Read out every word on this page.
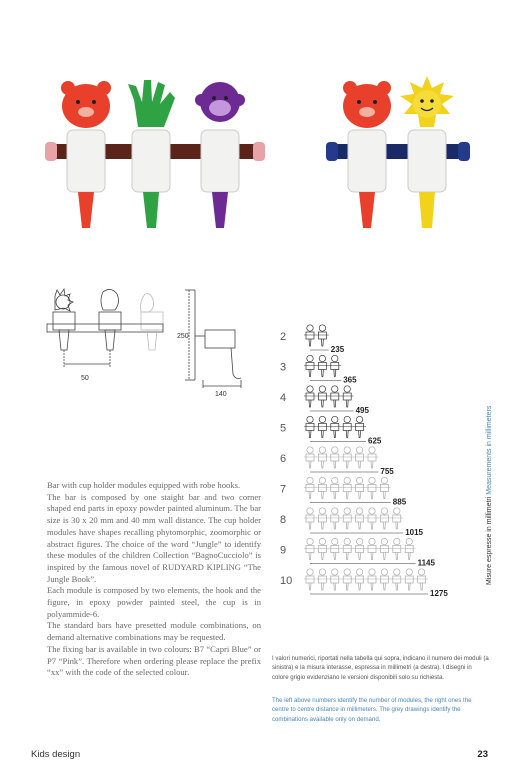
50
250
140
2
235
3
365
4
495
5
625
6
755
7
885
8
1015
9
1145
10
1275

Bar with cup holder modules equipped with robe hooks.

The bar is composed by one staight bar and two corner shaped end parts in epoxy powder painted aluminum. The bar size is 30 x 20 mm and 40 mm wall distance. The cup holder modules have shapes recalling phytomorphic, zoomorphic or abstract figures. The choice of the word “Jungle” to identify these modules of the children Collection “BagnoCucciolo” is inspired by the famous novel of RUDYARD KIPLING “The Jungle Book”.

Each module is composed by two elements, the hook and the figure, in epoxy powder painted steel, the cup is in polyammide-6.

The standard bars have presetted module combinations, on demand alternative combinations may be requested.

The fixing bar is available in two colours: B7 “Capri Blue” or P7 “Pink”. Therefore when ordering please replace the prefix “xx” with the code of the selected colour.

I valori numerici, riportati nella tabella qui sopra, indicano il numero dei moduli (a sinistra) e la misura interasse, espressa in millimetri (a destra). I disegni in colore grigio evidenziano le versioni disponibili solo su richiesta.
The left above numbers identify the number of modules, the right ones the centre to centre distance in millimeters. The grey drawings identify the combinations available only on demand.
Misure espresse in millimetri Measurements in millimeters
Kids design	23
